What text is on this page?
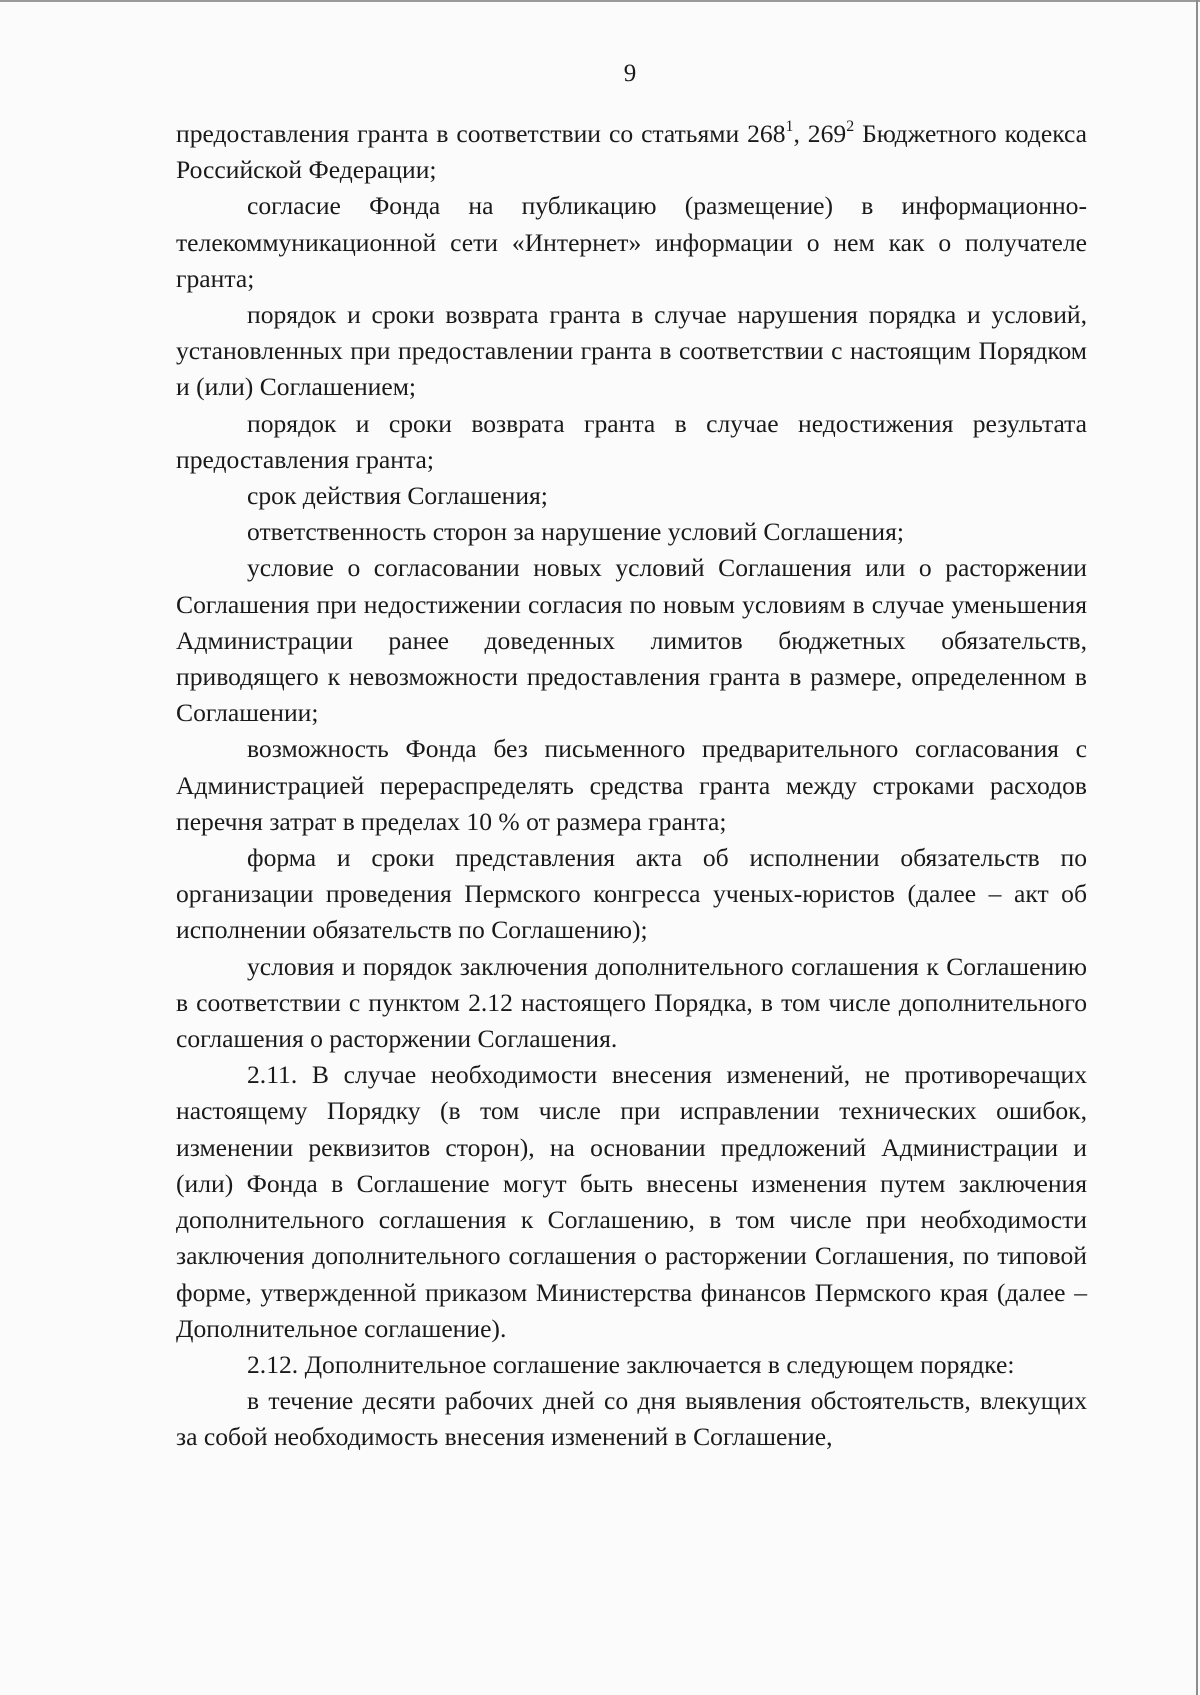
9

предоставления гранта в соответствии со статьями $268^1$, $269^2$ Бюджетного кодекса Российской Федерации;

согласие Фонда на публикацию (размещение) в информационно-телекоммуникационной сети «Интернет» информации о нем как о получателе гранта;

порядок и сроки возврата гранта в случае нарушения порядка и условий, установленных при предоставлении гранта в соответствии с настоящим Порядком и (или) Соглашением;

порядок и сроки возврата гранта в случае недостижения результата предоставления гранта;

срок действия Соглашения;

ответственность сторон за нарушение условий Соглашения;

условие о согласовании новых условий Соглашения или о расторжении Соглашения при недостижении согласия по новым условиям в случае уменьшения Администрации ранее доведенных лимитов бюджетных обязательств, приводящего к невозможности предоставления гранта в размере, определенном в Соглашении;

возможность Фонда без письменного предварительного согласования с Администрацией перераспределять средства гранта между строками расходов перечня затрат в пределах 10 % от размера гранта;

форма и сроки представления акта об исполнении обязательств по организации проведения Пермского конгресса ученых-юристов (далее – акт об исполнении обязательств по Соглашению);

условия и порядок заключения дополнительного соглашения к Соглашению в соответствии с пунктом 2.12 настоящего Порядка, в том числе дополнительного соглашения о расторжении Соглашения.

2.11. В случае необходимости внесения изменений, не противоречащих настоящему Порядку (в том числе при исправлении технических ошибок, изменении реквизитов сторон), на основании предложений Администрации и (или) Фонда в Соглашение могут быть внесены изменения путем заключения дополнительного соглашения к Соглашению, в том числе при необходимости заключения дополнительного соглашения о расторжении Соглашения, по типовой форме, утвержденной приказом Министерства финансов Пермского края (далее – Дополнительное соглашение).

2.12. Дополнительное соглашение заключается в следующем порядке:

в течение десяти рабочих дней со дня выявления обстоятельств, влекущих за собой необходимость внесения изменений в Соглашение,
